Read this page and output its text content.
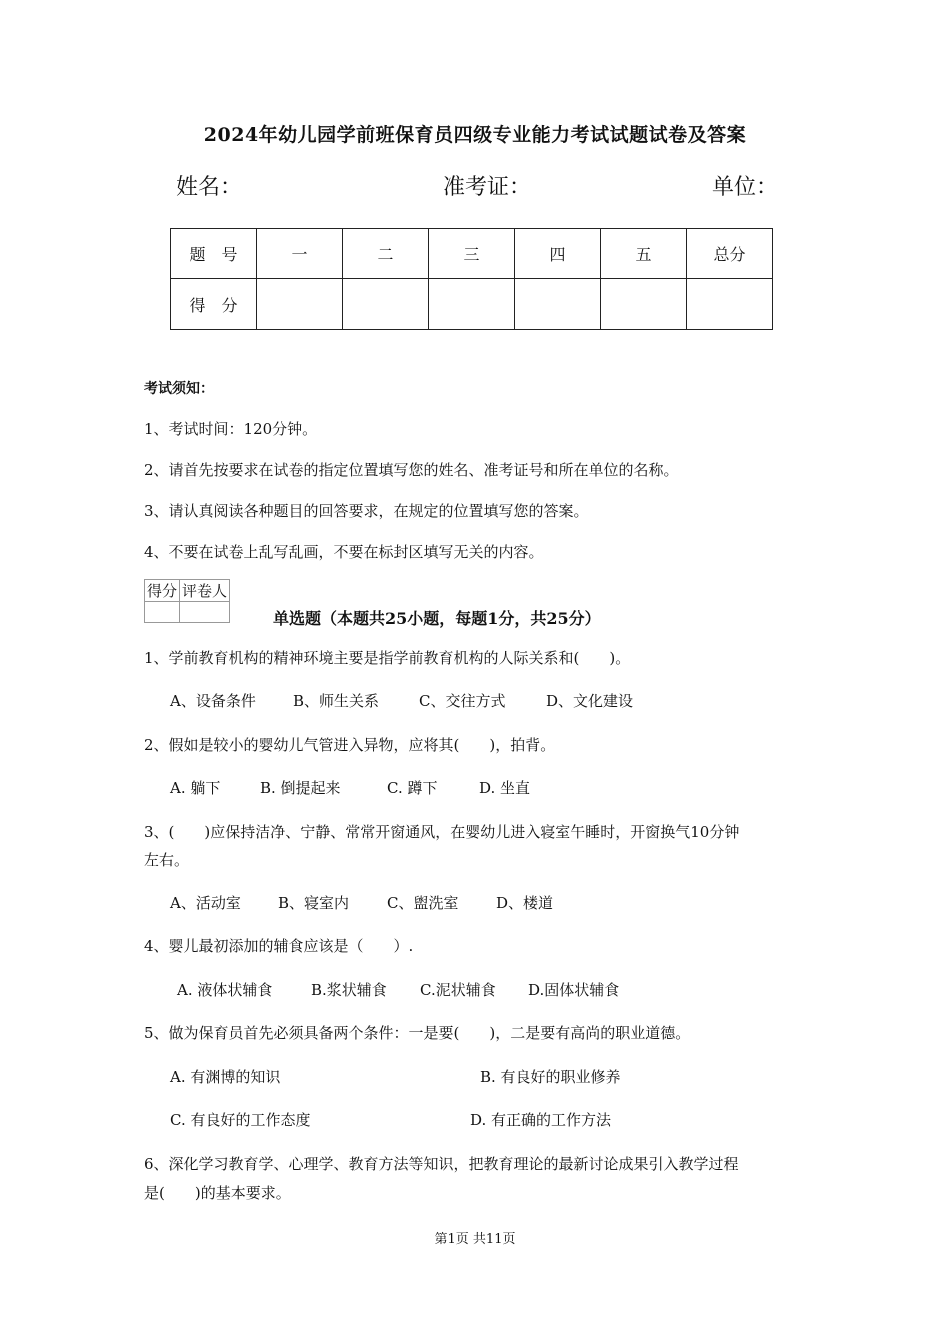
2024年幼儿园学前班保育员四级专业能力考试试题试卷及答案
姓名：	准考证：	单位：
题　号	一	二	三	四	五	总分
得　分						
考试须知：
1、考试时间：120分钟。
2、请首先按要求在试卷的指定位置填写您的姓名、准考证号和所在单位的名称。
3、请认真阅读各种题目的回答要求，在规定的位置填写您的答案。
4、不要在试卷上乱写乱画，不要在标封区填写无关的内容。
得分	评卷人

单选题（本题共25小题，每题1分，共25分）
1、学前教育机构的精神环境主要是指学前教育机构的人际关系和(　　)。
A、设备条件 B、师生关系	C、交往方式	D、文化建设
2、假如是较小的婴幼儿气管进入异物，应将其(　　)，拍背。
A. 躺下	B. 倒提起来	C. 蹲下	D. 坐直
3、(　　)应保持洁净、宁静、常常开窗通风，在婴幼儿进入寝室午睡时，开窗换气10分钟
左右。
A、活动室 B、寝室内	C、盥洗室	D、楼道
4、婴儿最初添加的辅食应该是（　　）.
A. 液体状辅食	B.浆状辅食 C.泥状辅食 D.固体状辅食
5、做为保育员首先必须具备两个条件：一是要(　　)，二是要有高尚的职业道德。
A. 有渊博的知识	B. 有良好的职业修养
C. 有良好的工作态度	D. 有正确的工作方法
6、深化学习教育学、心理学、教育方法等知识，把教育理论的最新讨论成果引入教学过程
是(　　)的基本要求。
第1页 共11页
